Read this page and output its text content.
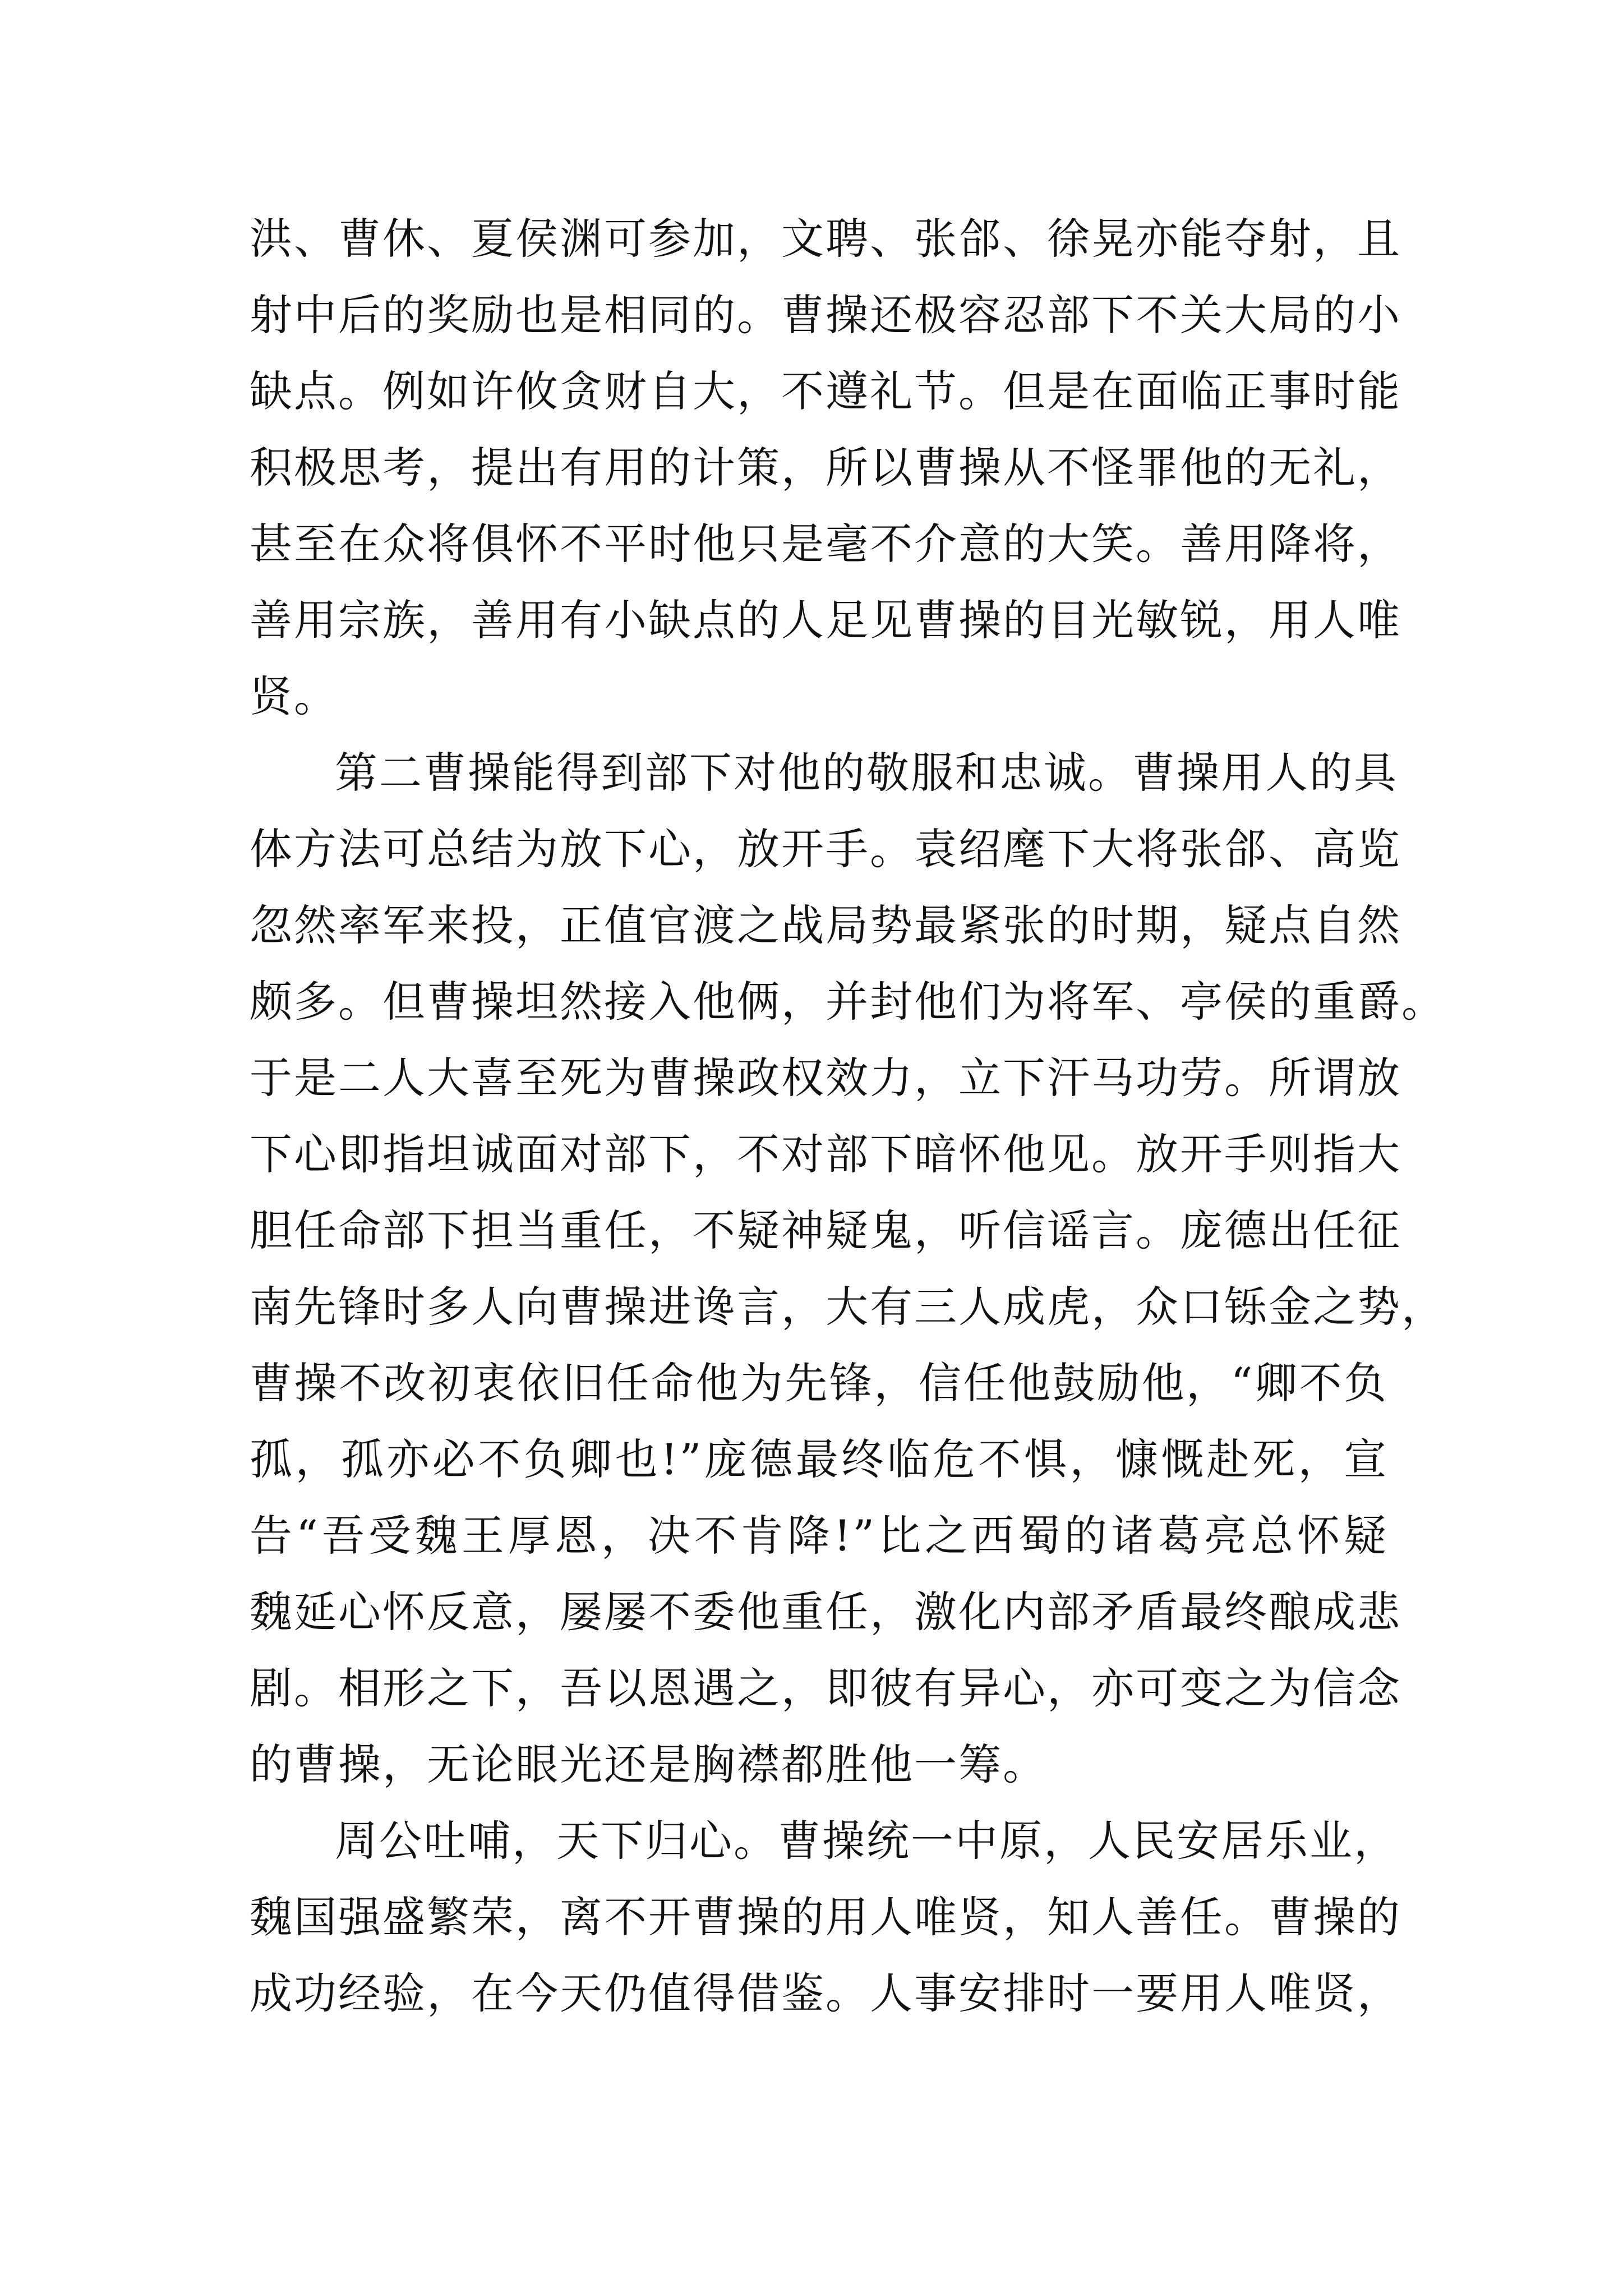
洪、曹休、夏侯渊可参加，文聘、张郃、徐晃亦能夺射，且
射中后的奖励也是相同的。曹操还极容忍部下不关大局的小
缺点。例如许攸贪财自大，不遵礼节。但是在面临正事时能
积极思考，提出有用的计策，所以曹操从不怪罪他的无礼，
甚至在众将俱怀不平时他只是毫不介意的大笑。善用降将，
善用宗族，善用有小缺点的人足见曹操的目光敏锐，用人唯
贤。
第二曹操能得到部下对他的敬服和忠诚。曹操用人的具
体方法可总结为放下心，放开手。袁绍麾下大将张郃、高览
忽然率军来投，正值官渡之战局势最紧张的时期，疑点自然
颇多。但曹操坦然接入他俩，并封他们为将军、亭侯的重爵。
于是二人大喜至死为曹操政权效力，立下汗马功劳。所谓放
下心即指坦诚面对部下，不对部下暗怀他见。放开手则指大
胆任命部下担当重任，不疑神疑鬼，听信谣言。庞德出任征
南先锋时多人向曹操进谗言，大有三人成虎，众口铄金之势，
曹操不改初衷依旧任命他为先锋，信任他鼓励他，“卿不负
孤，孤亦必不负卿也!”庞德最终临危不惧，慷慨赴死，宣
告“吾受魏王厚恩，决不肯降!”比之西蜀的诸葛亮总怀疑
魏延心怀反意，屡屡不委他重任，激化内部矛盾最终酿成悲
剧。相形之下，吾以恩遇之，即彼有异心，亦可变之为信念
的曹操，无论眼光还是胸襟都胜他一筹。
周公吐哺，天下归心。曹操统一中原，人民安居乐业，
魏国强盛繁荣，离不开曹操的用人唯贤，知人善任。曹操的
成功经验，在今天仍值得借鉴。人事安排时一要用人唯贤，
